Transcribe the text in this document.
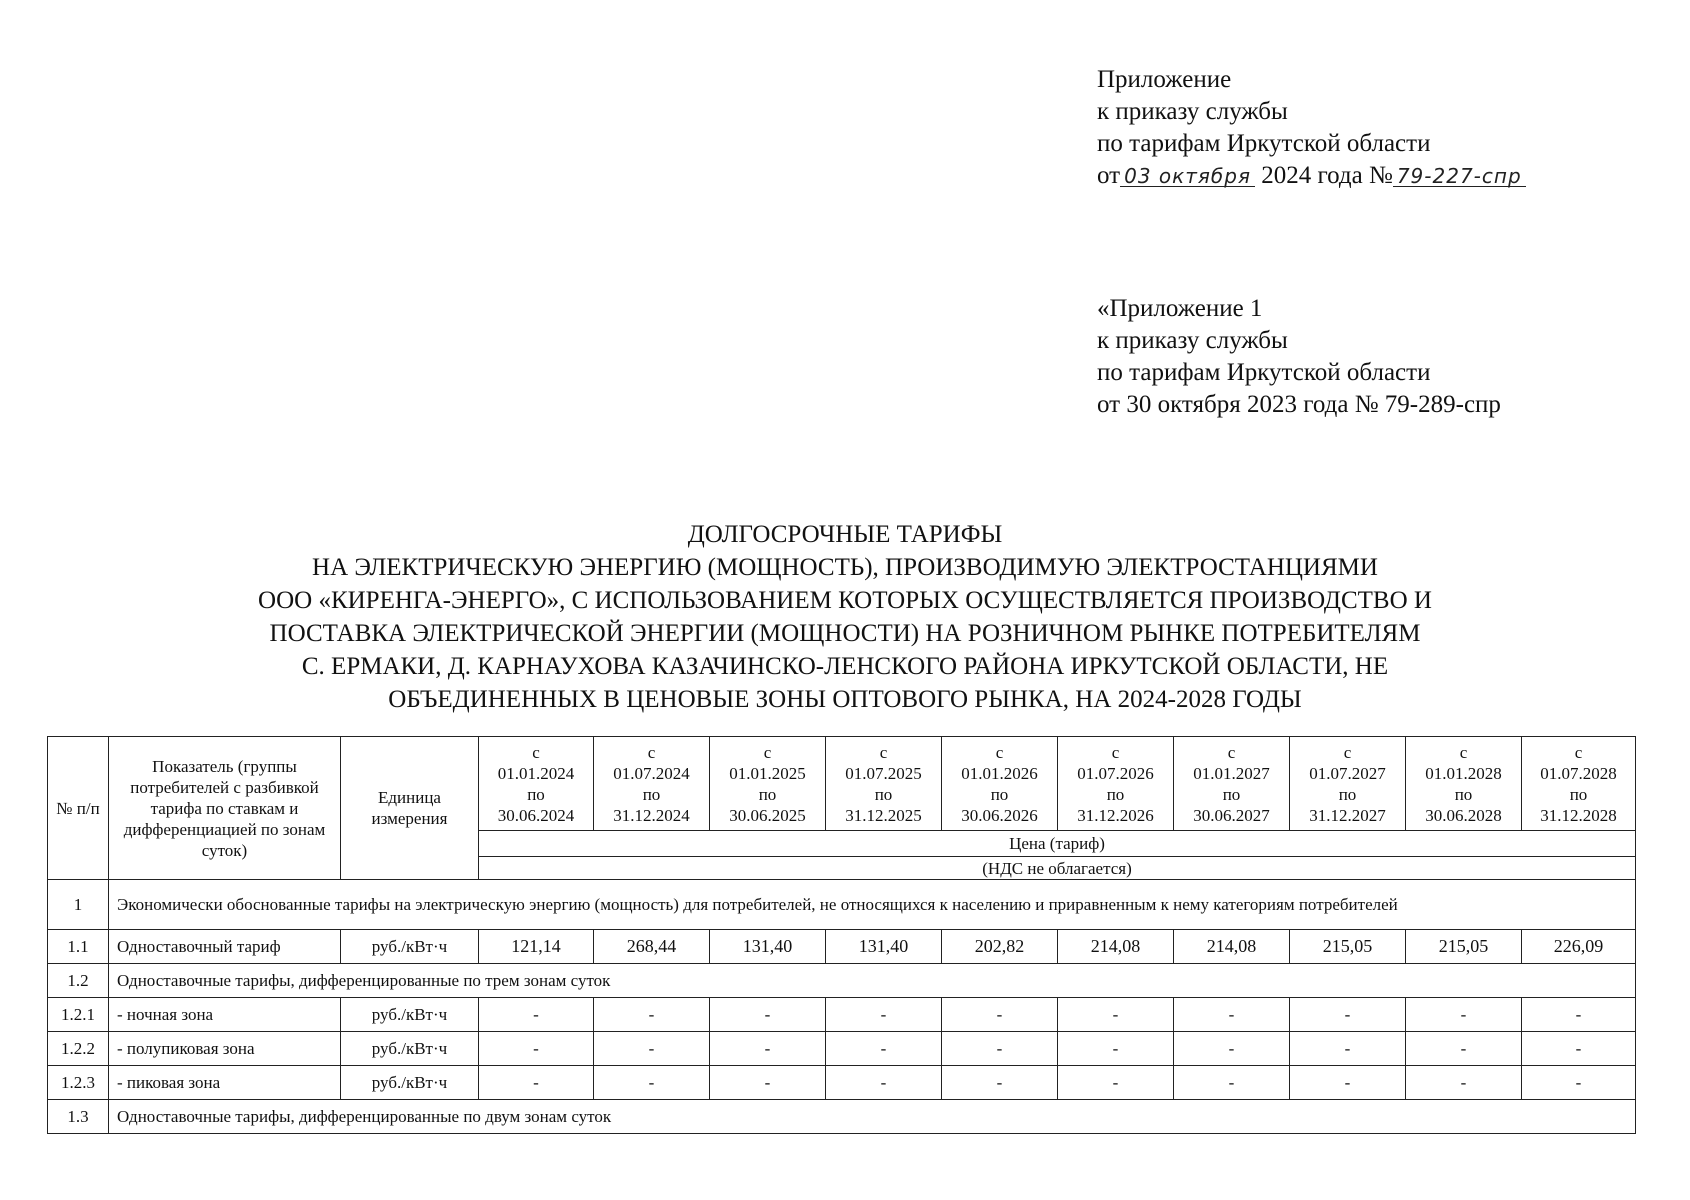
Приложение
к приказу службы
по тарифам Иркутской области
от 03 октября 2024 года № 79-227-спр
«Приложение 1
к приказу службы
по тарифам Иркутской области
от 30 октября 2023 года № 79-289-спр
ДОЛГОСРОЧНЫЕ ТАРИФЫ
НА ЭЛЕКТРИЧЕСКУЮ ЭНЕРГИЮ (МОЩНОСТЬ), ПРОИЗВОДИМУЮ ЭЛЕКТРОСТАНЦИЯМИ
ООО «КИРЕНГА-ЭНЕРГО», С ИСПОЛЬЗОВАНИЕМ КОТОРЫХ ОСУЩЕСТВЛЯЕТСЯ ПРОИЗВОДСТВО И
ПОСТАВКА ЭЛЕКТРИЧЕСКОЙ ЭНЕРГИИ (МОЩНОСТИ) НА РОЗНИЧНОМ РЫНКЕ ПОТРЕБИТЕЛЯМ
С. ЕРМАКИ, Д. КАРНАУХОВА КАЗАЧИНСКО-ЛЕНСКОГО РАЙОНА ИРКУТСКОЙ ОБЛАСТИ, НЕ
ОБЪЕДИНЕННЫХ В ЦЕНОВЫЕ ЗОНЫ ОПТОВОГО РЫНКА, НА 2024-2028 ГОДЫ
№ п/п	Показатель (группы потребителей с разбивкой тарифа по ставкам и дифференциацией по зонам суток)	Единица измерения	с
01.01.2024
по
30.06.2024	с
01.07.2024
по
31.12.2024	с
01.01.2025
по
30.06.2025	с
01.07.2025
по
31.12.2025	с
01.01.2026
по
30.06.2026	с
01.07.2026
по
31.12.2026	с
01.01.2027
по
30.06.2027	с
01.07.2027
по
31.12.2027	с
01.01.2028
по
30.06.2028	с
01.07.2028
по
31.12.2028
			Цена (тариф)									
			(НДС не облагается)									
1	Экономически обоснованные тарифы на электрическую энергию (мощность) для потребителей, не относящихся к населению и приравненным к нему категориям потребителей											
1.1	Одноставочный тариф	руб./кВт·ч	121,14	268,44	131,40	131,40	202,82	214,08	214,08	215,05	215,05	226,09
1.2	Одноставочные тарифы, дифференцированные по трем зонам суток											
1.2.1	- ночная зона	руб./кВт·ч	-	-	-	-	-	-	-	-	-	-
1.2.2	- полупиковая зона	руб./кВт·ч	-	-	-	-	-	-	-	-	-	-
1.2.3	- пиковая зона	руб./кВт·ч	-	-	-	-	-	-	-	-	-	-
1.3	Одноставочные тарифы, дифференцированные по двум зонам суток											
